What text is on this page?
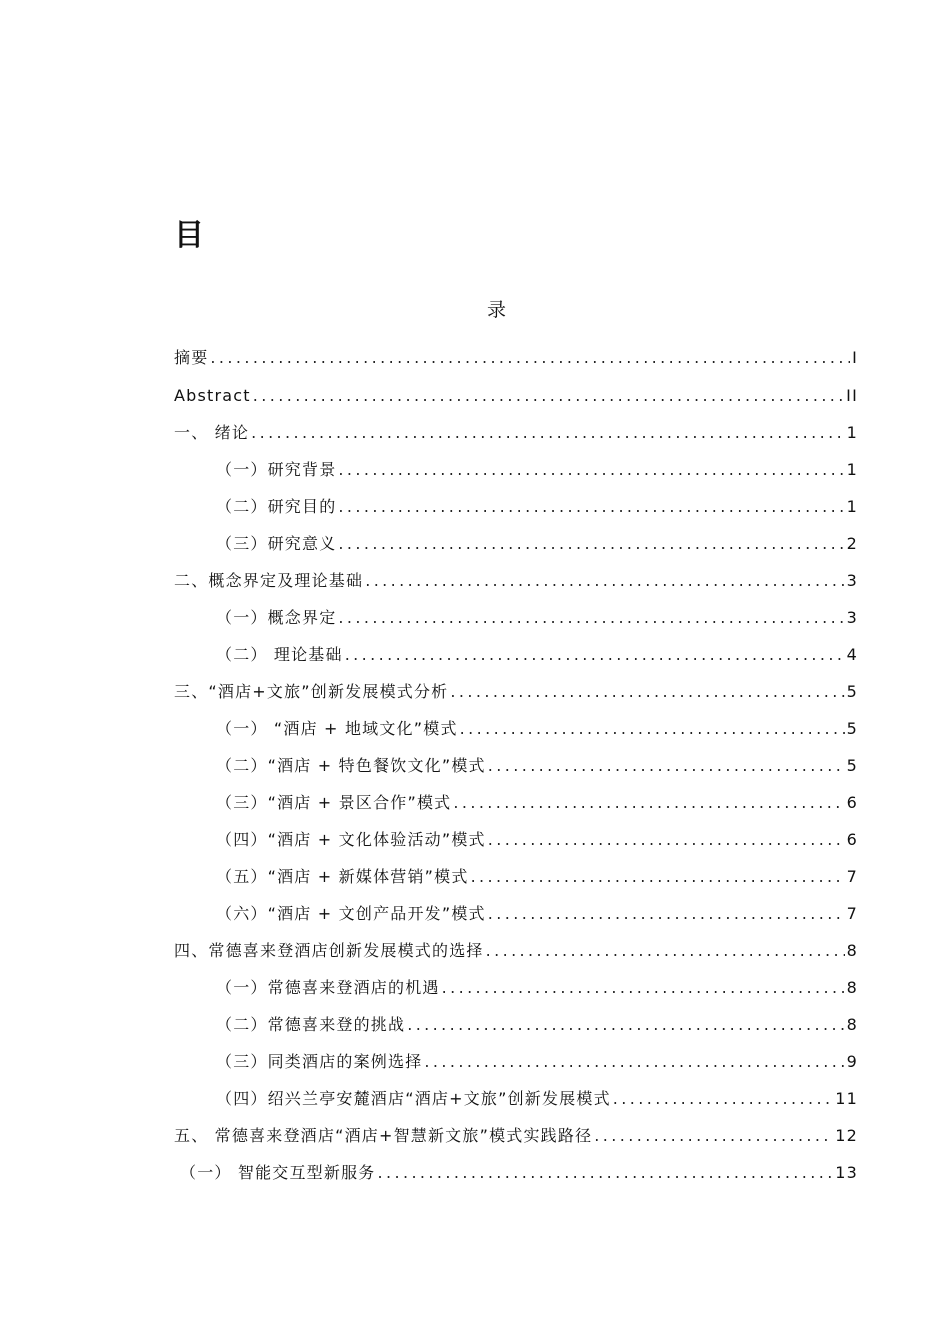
目
录
摘要 .....	I
Abstract .....	II
一、 绪论 .....	1
（一）研究背景 .....	1
（二）研究目的 .....	1
（三）研究意义 .....	2
二、概念界定及理论基础 .....	3
（一）概念界定 .....	3
（二） 理论基础 .....	4
三、“酒店+文旅”创新发展模式分析 .....	5
（一） “酒店 + 地域文化”模式 .....	5
（二）“酒店 + 特色餐饮文化”模式 .....	5
（三）“酒店 + 景区合作”模式 .....	6
（四）“酒店 + 文化体验活动”模式 .....	6
（五）“酒店 + 新媒体营销”模式 .....	7
（六）“酒店 + 文创产品开发”模式 .....	7
四、常德喜来登酒店创新发展模式的选择 .....	8
（一）常德喜来登酒店的机遇 .....	8
（二）常德喜来登的挑战 .....	8
（三）同类酒店的案例选择 .....	9
（四）绍兴兰亭安麓酒店“酒店+文旅”创新发展模式 .....	11
五、 常德喜来登酒店“酒店+智慧新文旅”模式实践路径 .....	12
（一） 智能交互型新服务 .....	13
